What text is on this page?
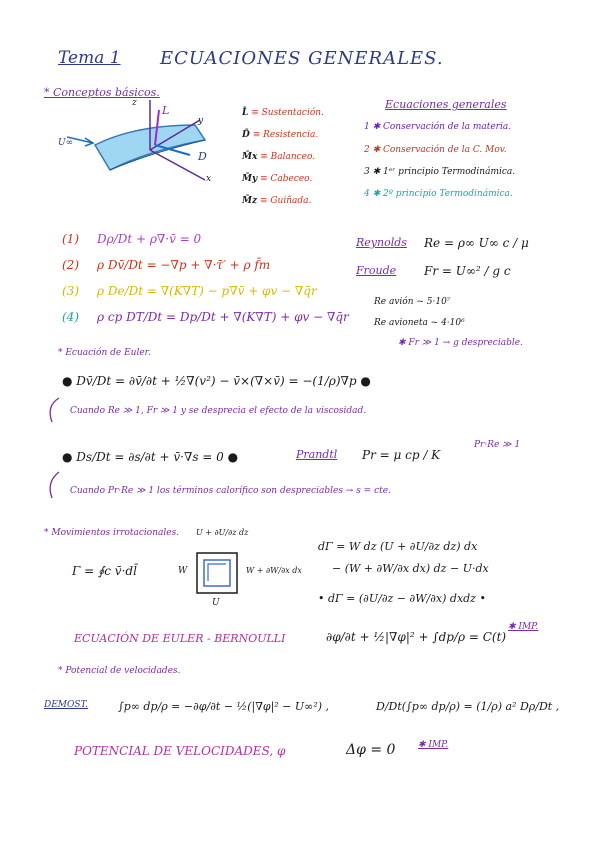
Tema 1 ECUACIONES GENERALES.
* Conceptos básicos.
z
L
y
U∞
D
x
L̄ ≡ Sustentación.
D̄ ≡ Resistencia.
M̄x ≡ Balanceo.
M̄y ≡ Cabeceo.
M̄z ≡ Guiñada.
Ecuaciones generales
1 ✱ Conservación de la materia.
2 ✱ Conservación de la C. Mov.
3 ✱ 1ᵉʳ principio Termodinámica.
4 ✱ 2º principio Termodinámica.
(1) Dρ/Dt + ρ∇·v̄ = 0
(2) ρ Dv̄/Dt = −∇p + ∇·τ̄′ + ρ f̄m
(3) ρ De/Dt = ∇(K∇T) − p∇v̄ + φv − ∇q̄r
(4) ρ cp DT/Dt = Dp/Dt + ∇(K∇T) + φv − ∇q̄r
Reynolds Re = ρ∞ U∞ c / μ
Froude Fr = U∞² / g c
Re avión ~ 5·10⁷
Re avioneta ~ 4·10⁶
✱ Fr ≫ 1 → g despreciable.
* Ecuación de Euler.
● Dv̄/Dt = ∂v̄/∂t + ½∇(v²) − v̄×(∇×v̄) = −(1/ρ)∇p ●
Cuando Re ≫ 1, Fr ≫ 1 y se desprecia el efecto de la viscosidad.
● Ds/Dt = ∂s/∂t + v̄·∇s = 0 ●	Prandtl Pr = μ cp / K
Pr·Re ≫ 1
Cuando Pr·Re ≫ 1 los términos calorífico son despreciables → s = cte.
* Movimientos irrotacionales.
Γ = ∮c v̄·dl̄
U + ∂U/∂z dz
W	W + ∂W/∂x dx
U
dΓ = W dz (U + ∂U/∂z dz) dx
− (W + ∂W/∂x dx) dz − U·dx
• dΓ = (∂U/∂z − ∂W/∂x) dxdz •
ECUACIÓN DE EULER - BERNOULLI	∂φ/∂t + ½|∇φ|² + ∫dp/ρ = C(t)
✱ IMP.
* Potencial de velocidades.
DEMOST.	∫p∞ dp/ρ = −∂φ/∂t − ½(|∇φ|² − U∞²) ,	D/Dt(∫p∞ dp/ρ) = (1/ρ) a² Dρ/Dt ,
POTENCIAL DE VELOCIDADES, φ	Δφ = 0	✱ IMP.
